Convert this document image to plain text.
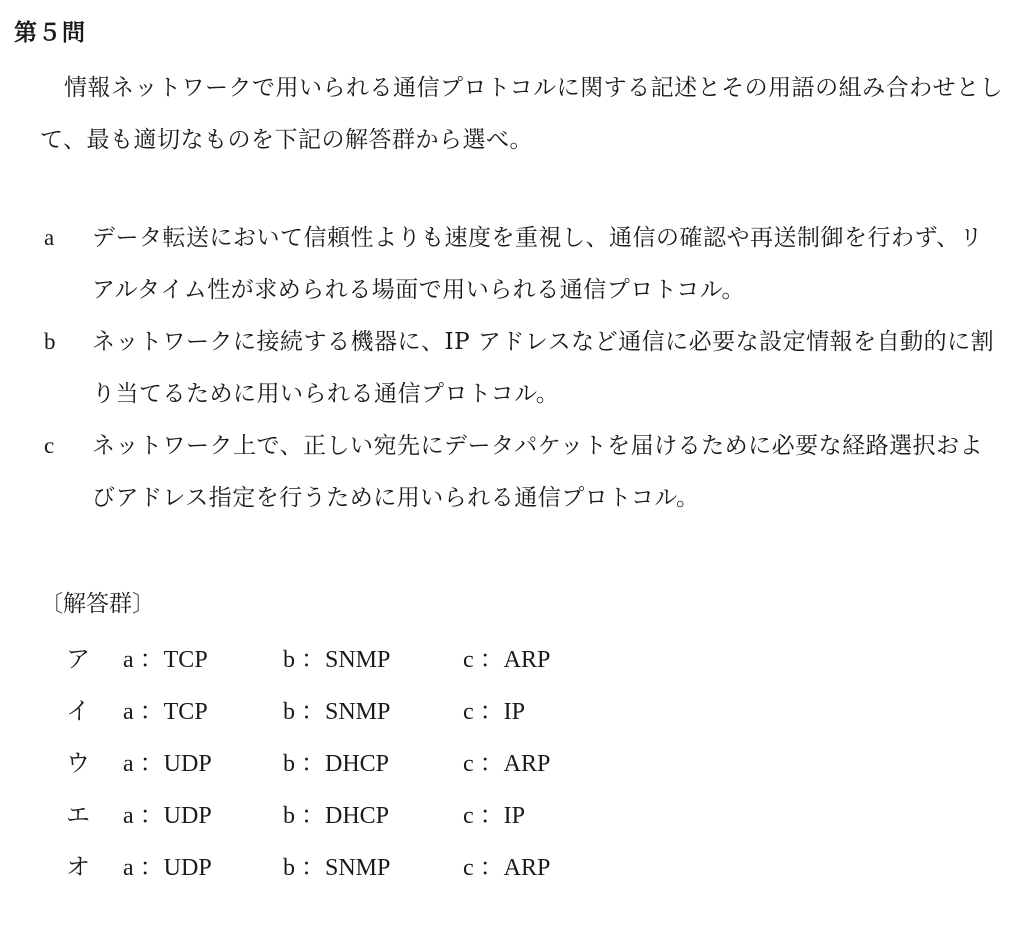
第５問
情報ネットワークで用いられる通信プロトコルに関する記述とその用語の組み合わせとして、最も適切なものを下記の解答群から選べ。
a	データ転送において信頼性よりも速度を重視し、通信の確認や再送制御を行わず、リアルタイム性が求められる場面で用いられる通信プロトコル。
b	ネットワークに接続する機器に、IP アドレスなど通信に必要な設定情報を自動的に割り当てるために用いられる通信プロトコル。
c	ネットワーク上で、正しい宛先にデータパケットを届けるために必要な経路選択およびアドレス指定を行うために用いられる通信プロトコル。
〔解答群〕
ア	a ：TCP	b ：SNMP	c ：ARP
イ	a ：TCP	b ：SNMP	c ：IP
ウ	a ：UDP	b ：DHCP	c ：ARP
エ	a ：UDP	b ：DHCP	c ：IP
オ	a ：UDP	b ：SNMP	c ：ARP
